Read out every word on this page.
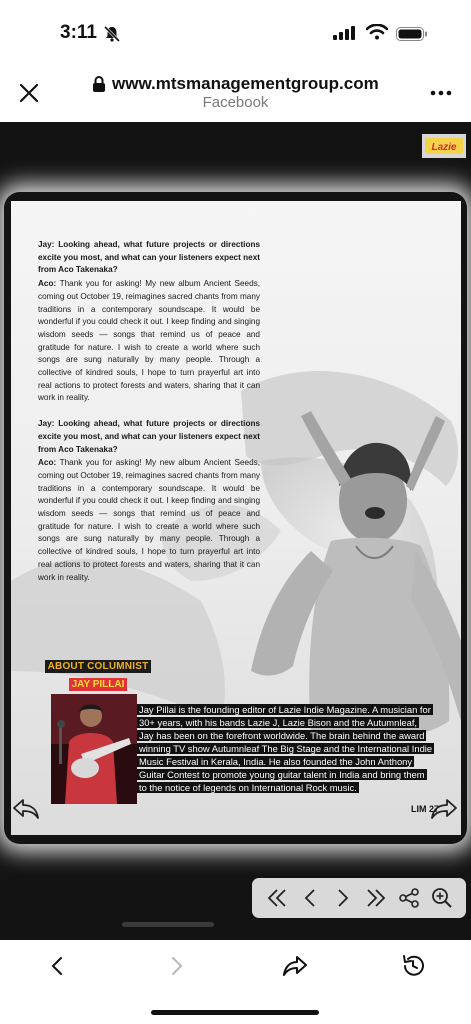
3:11
www.mtsmanagementgroup.com
Facebook
Lazie
Jay: Looking ahead, what future projects or directions excite you most, and what can your listeners expect next from Aco Takenaka?
Aco: Thank you for asking! My new album Ancient Seeds, coming out October 19, reimagines sacred chants from many traditions in a contemporary soundscape. It would be wonderful if you could check it out. I keep finding and singing wisdom seeds — songs that remind us of peace and gratitude for nature. I wish to create a world where such songs are sung naturally by many people. Through a collective of kindred souls, I hope to turn prayerful art into real actions to protect forests and waters, sharing that it can work in reality.
Jay: Looking ahead, what future projects or directions excite you most, and what can your listeners expect next from Aco Takenaka?
Aco: Thank you for asking! My new album Ancient Seeds, coming out October 19, reimagines sacred chants from many traditions in a contemporary soundscape. It would be wonderful if you could check it out. I keep finding and singing wisdom seeds — songs that remind us of peace and gratitude for nature. I wish to create a world where such songs are sung naturally by many people. Through a collective of kindred souls, I hope to turn prayerful art into real actions to protect forests and waters, sharing that it can work in reality.
ABOUT COLUMNIST
JAY PILLAI
Jay Pillai is the founding editor of Lazie Indie Magazine. A musician for
30+ years, with his bands Lazie J, Lazie Bison and the Autumnleaf,
Jay has been on the forefront worldwide. The brain behind the award
winning TV show Autumnleaf The Big Stage and the International Indie
Music Festival in Kerala, India. He also founded the John Anthony
Guitar Contest to promote young guitar talent in India and bring them
to the notice of legends on International Rock music.
LIM 27
